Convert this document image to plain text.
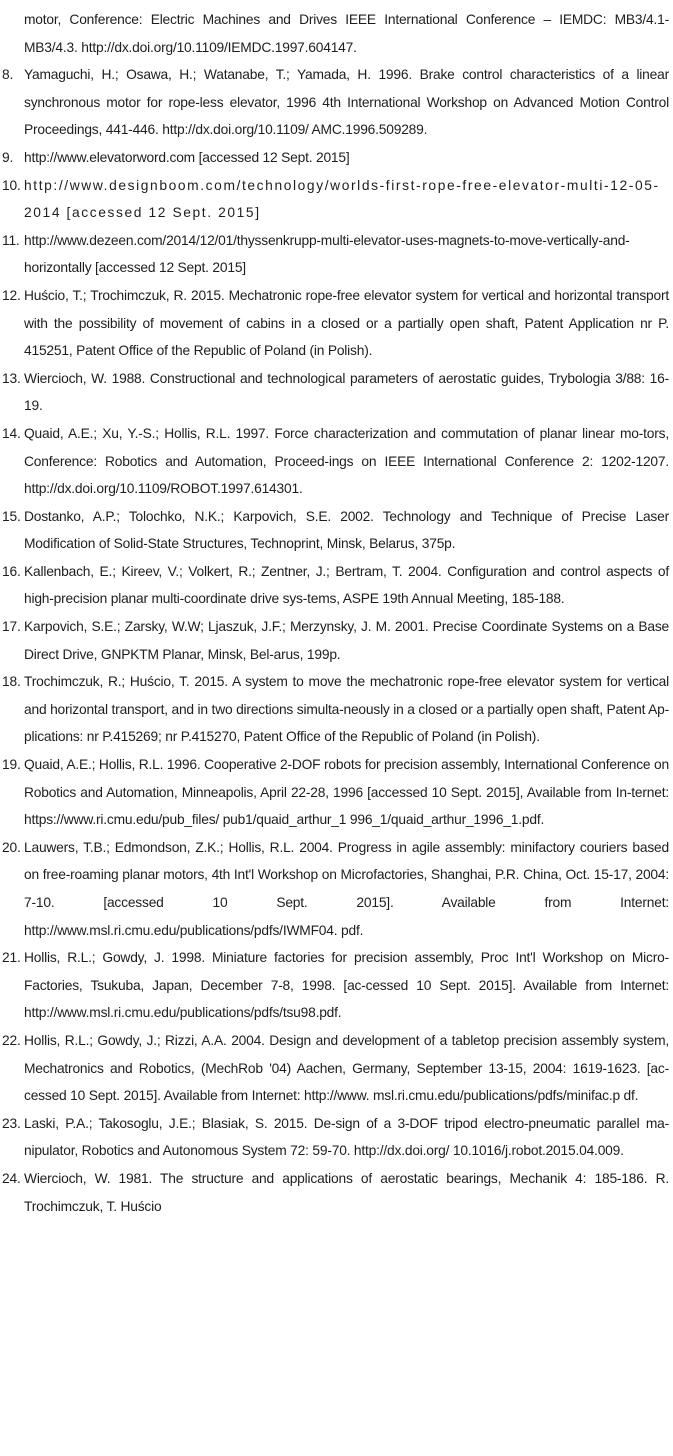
motor, Conference: Electric Machines and Drives IEEE International Conference – IEMDC: MB3/4.1-MB3/4.3. http://dx.doi.org/10.1109/IEMDC.1997.604147.
8. Yamaguchi, H.; Osawa, H.; Watanabe, T.; Yamada, H. 1996. Brake control characteristics of a linear synchronous motor for rope-less elevator, 1996 4th International Workshop on Advanced Motion Control Proceedings, 441-446. http://dx.doi.org/10.1109/ AMC.1996.509289.
9. http://www.elevatorword.com [accessed 12 Sept. 2015]
10. http://www.designboom.com/technology/worlds-first-rope-free-elevator-multi-12-05-2014 [accessed 12 Sept. 2015]
11. http://www.dezeen.com/2014/12/01/thyssenkrupp-multi-elevator-uses-magnets-to-move-vertically-and-horizontally [accessed 12 Sept. 2015]
12. Huścio, T.; Trochimczuk, R. 2015. Mechatronic rope-free elevator system for vertical and horizontal transport with the possibility of movement of cabins in a closed or a partially open shaft, Patent Application nr P. 415251, Patent Office of the Republic of Poland (in Polish).
13. Wiercioch, W. 1988. Constructional and technological parameters of aerostatic guides, Trybologia 3/88: 16-19.
14. Quaid, A.E.; Xu, Y.-S.; Hollis, R.L. 1997. Force characterization and commutation of planar linear mo-tors, Conference: Robotics and Automation, Proceed-ings on IEEE International Conference 2: 1202-1207. http://dx.doi.org/10.1109/ROBOT.1997.614301.
15. Dostanko, A.P.; Tolochko, N.K.; Karpovich, S.E. 2002. Technology and Technique of Precise Laser Modification of Solid-State Structures, Technoprint, Minsk, Belarus, 375p.
16. Kallenbach, E.; Kireev, V.; Volkert, R.; Zentner, J.; Bertram, T. 2004. Configuration and control aspects of high-precision planar multi-coordinate drive sys-tems, ASPE 19th Annual Meeting, 185-188.
17. Karpovich, S.E.; Zarsky, W.W; Ljaszuk, J.F.; Merzynsky, J. M. 2001. Precise Coordinate Systems on a Base Direct Drive, GNPKTM Planar, Minsk, Bel-arus, 199p.
18. Trochimczuk, R.; Huścio, T. 2015. A system to move the mechatronic rope-free elevator system for vertical and horizontal transport, and in two directions simulta-neously in a closed or a partially open shaft, Patent Ap-plications: nr P.415269; nr P.415270, Patent Office of the Republic of Poland (in Polish).
19. Quaid, A.E.; Hollis, R.L. 1996. Cooperative 2-DOF robots for precision assembly, International Conference on Robotics and Automation, Minneapolis, April 22-28, 1996 [accessed 10 Sept. 2015], Available from In-ternet: https://www.ri.cmu.edu/pub_files/ pub1/quaid_arthur_1 996_1/quaid_arthur_1996_1.pdf.
20. Lauwers, T.B.; Edmondson, Z.K.; Hollis, R.L. 2004. Progress in agile assembly: minifactory couriers based on free-roaming planar motors, 4th Int'l Workshop on Microfactories, Shanghai, P.R. China, Oct. 15-17, 2004: 7-10. [accessed 10 Sept. 2015]. Available from Internet: http://www.msl.ri.cmu.edu/publications/pdfs/IWMF04. pdf.
21. Hollis, R.L.; Gowdy, J. 1998. Miniature factories for precision assembly, Proc Int'l Workshop on Micro-Factories, Tsukuba, Japan, December 7-8, 1998. [ac-cessed 10 Sept. 2015]. Available from Internet: http://www.msl.ri.cmu.edu/publications/pdfs/tsu98.pdf.
22. Hollis, R.L.; Gowdy, J.; Rizzi, A.A. 2004. Design and development of a tabletop precision assembly system, Mechatronics and Robotics, (MechRob '04) Aachen, Germany, September 13-15, 2004: 1619-1623. [ac-cessed 10 Sept. 2015]. Available from Internet: http://www. msl.ri.cmu.edu/publications/pdfs/minifac.p df.
23. Laski, P.A.; Takosoglu, J.E.; Blasiak, S. 2015. De-sign of a 3-DOF tripod electro-pneumatic parallel ma-nipulator, Robotics and Autonomous System 72: 59-70. http://dx.doi.org/ 10.1016/j.robot.2015.04.009.
24. Wiercioch, W. 1981. The structure and applications of aerostatic bearings, Mechanik 4: 185-186. R. Trochimczuk, T. Huścio
